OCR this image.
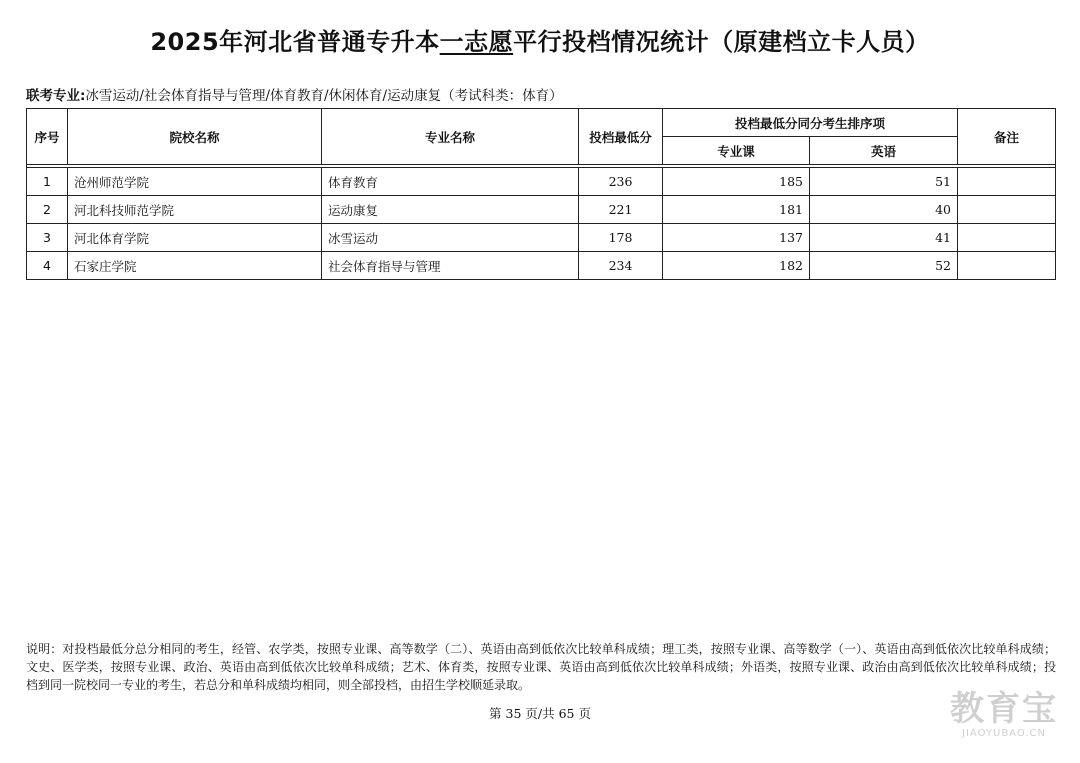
2025年河北省普通专升本一志愿平行投档情况统计（原建档立卡人员）
联考专业:冰雪运动/社会体育指导与管理/体育教育/休闲体育/运动康复（考试科类：体育）
序号	院校名称	专业名称	投档最低分	投档最低分同分考生排序项		备注
				专业课	英语	

1	沧州师范学院	体育教育	236	185	51	
2	河北科技师范学院	运动康复	221	181	40	
3	河北体育学院	冰雪运动	178	137	41	
4	石家庄学院	社会体育指导与管理	234	182	52	
说明：对投档最低分总分相同的考生，经管、农学类，按照专业课、高等数学（二）、英语由高到低依次比较单科成绩；理工类，按照专业课、高等数学（一）、英语由高到低依次比较单科成绩；文史、医学类，按照专业课、政治、英语由高到低依次比较单科成绩；艺术、体育类，按照专业课、英语由高到低依次比较单科成绩；外语类，按照专业课、政治由高到低依次比较单科成绩；投档到同一院校同一专业的考生，若总分和单科成绩均相同，则全部投档，由招生学校顺延录取。
第 35 页/共 65 页	教育宝
JIAOYUBAO.CN
